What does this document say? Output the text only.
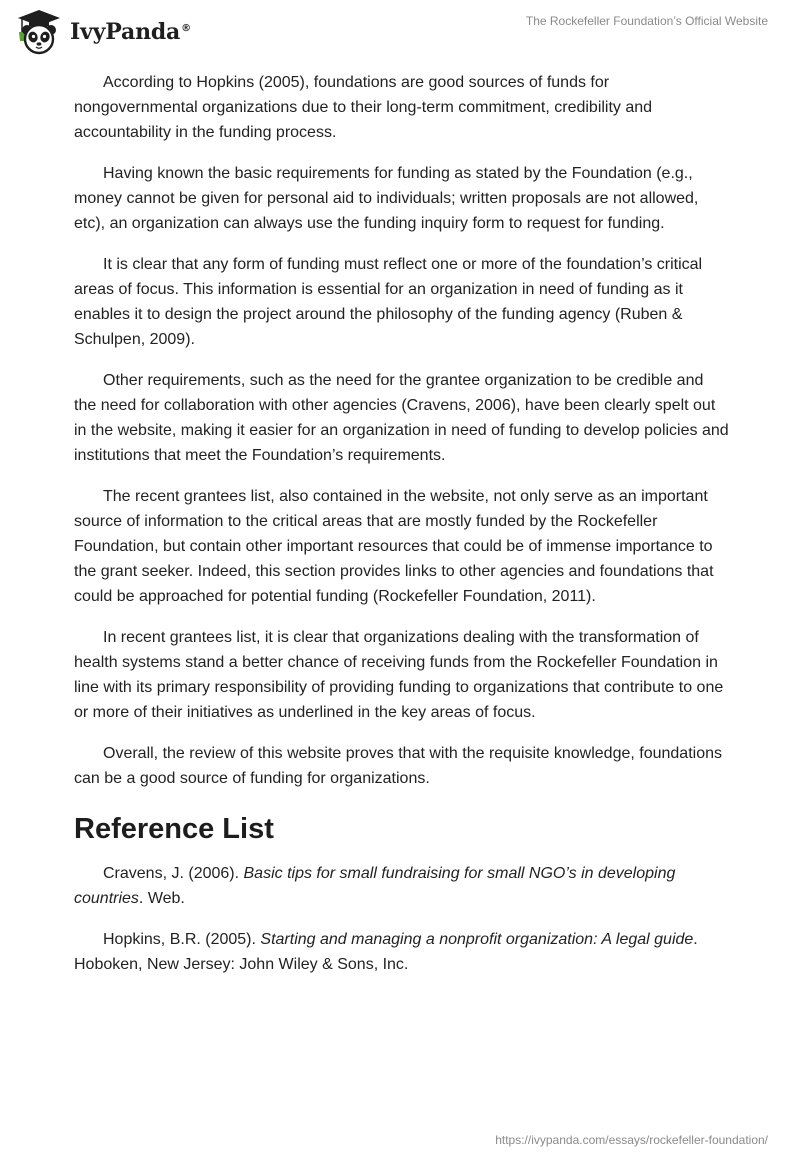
IvyPanda®
The Rockefeller Foundation’s Official Website

According to Hopkins (2005), foundations are good sources of funds for nongovernmental organizations due to their long-term commitment, credibility and accountability in the funding process.

Having known the basic requirements for funding as stated by the Foundation (e.g., money cannot be given for personal aid to individuals; written proposals are not allowed, etc), an organization can always use the funding inquiry form to request for funding.

It is clear that any form of funding must reflect one or more of the foundation’s critical areas of focus. This information is essential for an organization in need of funding as it enables it to design the project around the philosophy of the funding agency (Ruben & Schulpen, 2009).

Other requirements, such as the need for the grantee organization to be credible and the need for collaboration with other agencies (Cravens, 2006), have been clearly spelt out in the website, making it easier for an organization in need of funding to develop policies and institutions that meet the Foundation’s requirements.

The recent grantees list, also contained in the website, not only serve as an important source of information to the critical areas that are mostly funded by the Rockefeller Foundation, but contain other important resources that could be of immense importance to the grant seeker. Indeed, this section provides links to other agencies and foundations that could be approached for potential funding (Rockefeller Foundation, 2011).

In recent grantees list, it is clear that organizations dealing with the transformation of health systems stand a better chance of receiving funds from the Rockefeller Foundation in line with its primary responsibility of providing funding to organizations that contribute to one or more of their initiatives as underlined in the key areas of focus.

Overall, the review of this website proves that with the requisite knowledge, foundations can be a good source of funding for organizations.

Reference List

Cravens, J. (2006). Basic tips for small fundraising for small NGO’s in developing countries. Web.

Hopkins, B.R. (2005). Starting and managing a nonprofit organization: A legal guide. Hoboken, New Jersey: John Wiley & Sons, Inc.

https://ivypanda.com/essays/rockefeller-foundation/
